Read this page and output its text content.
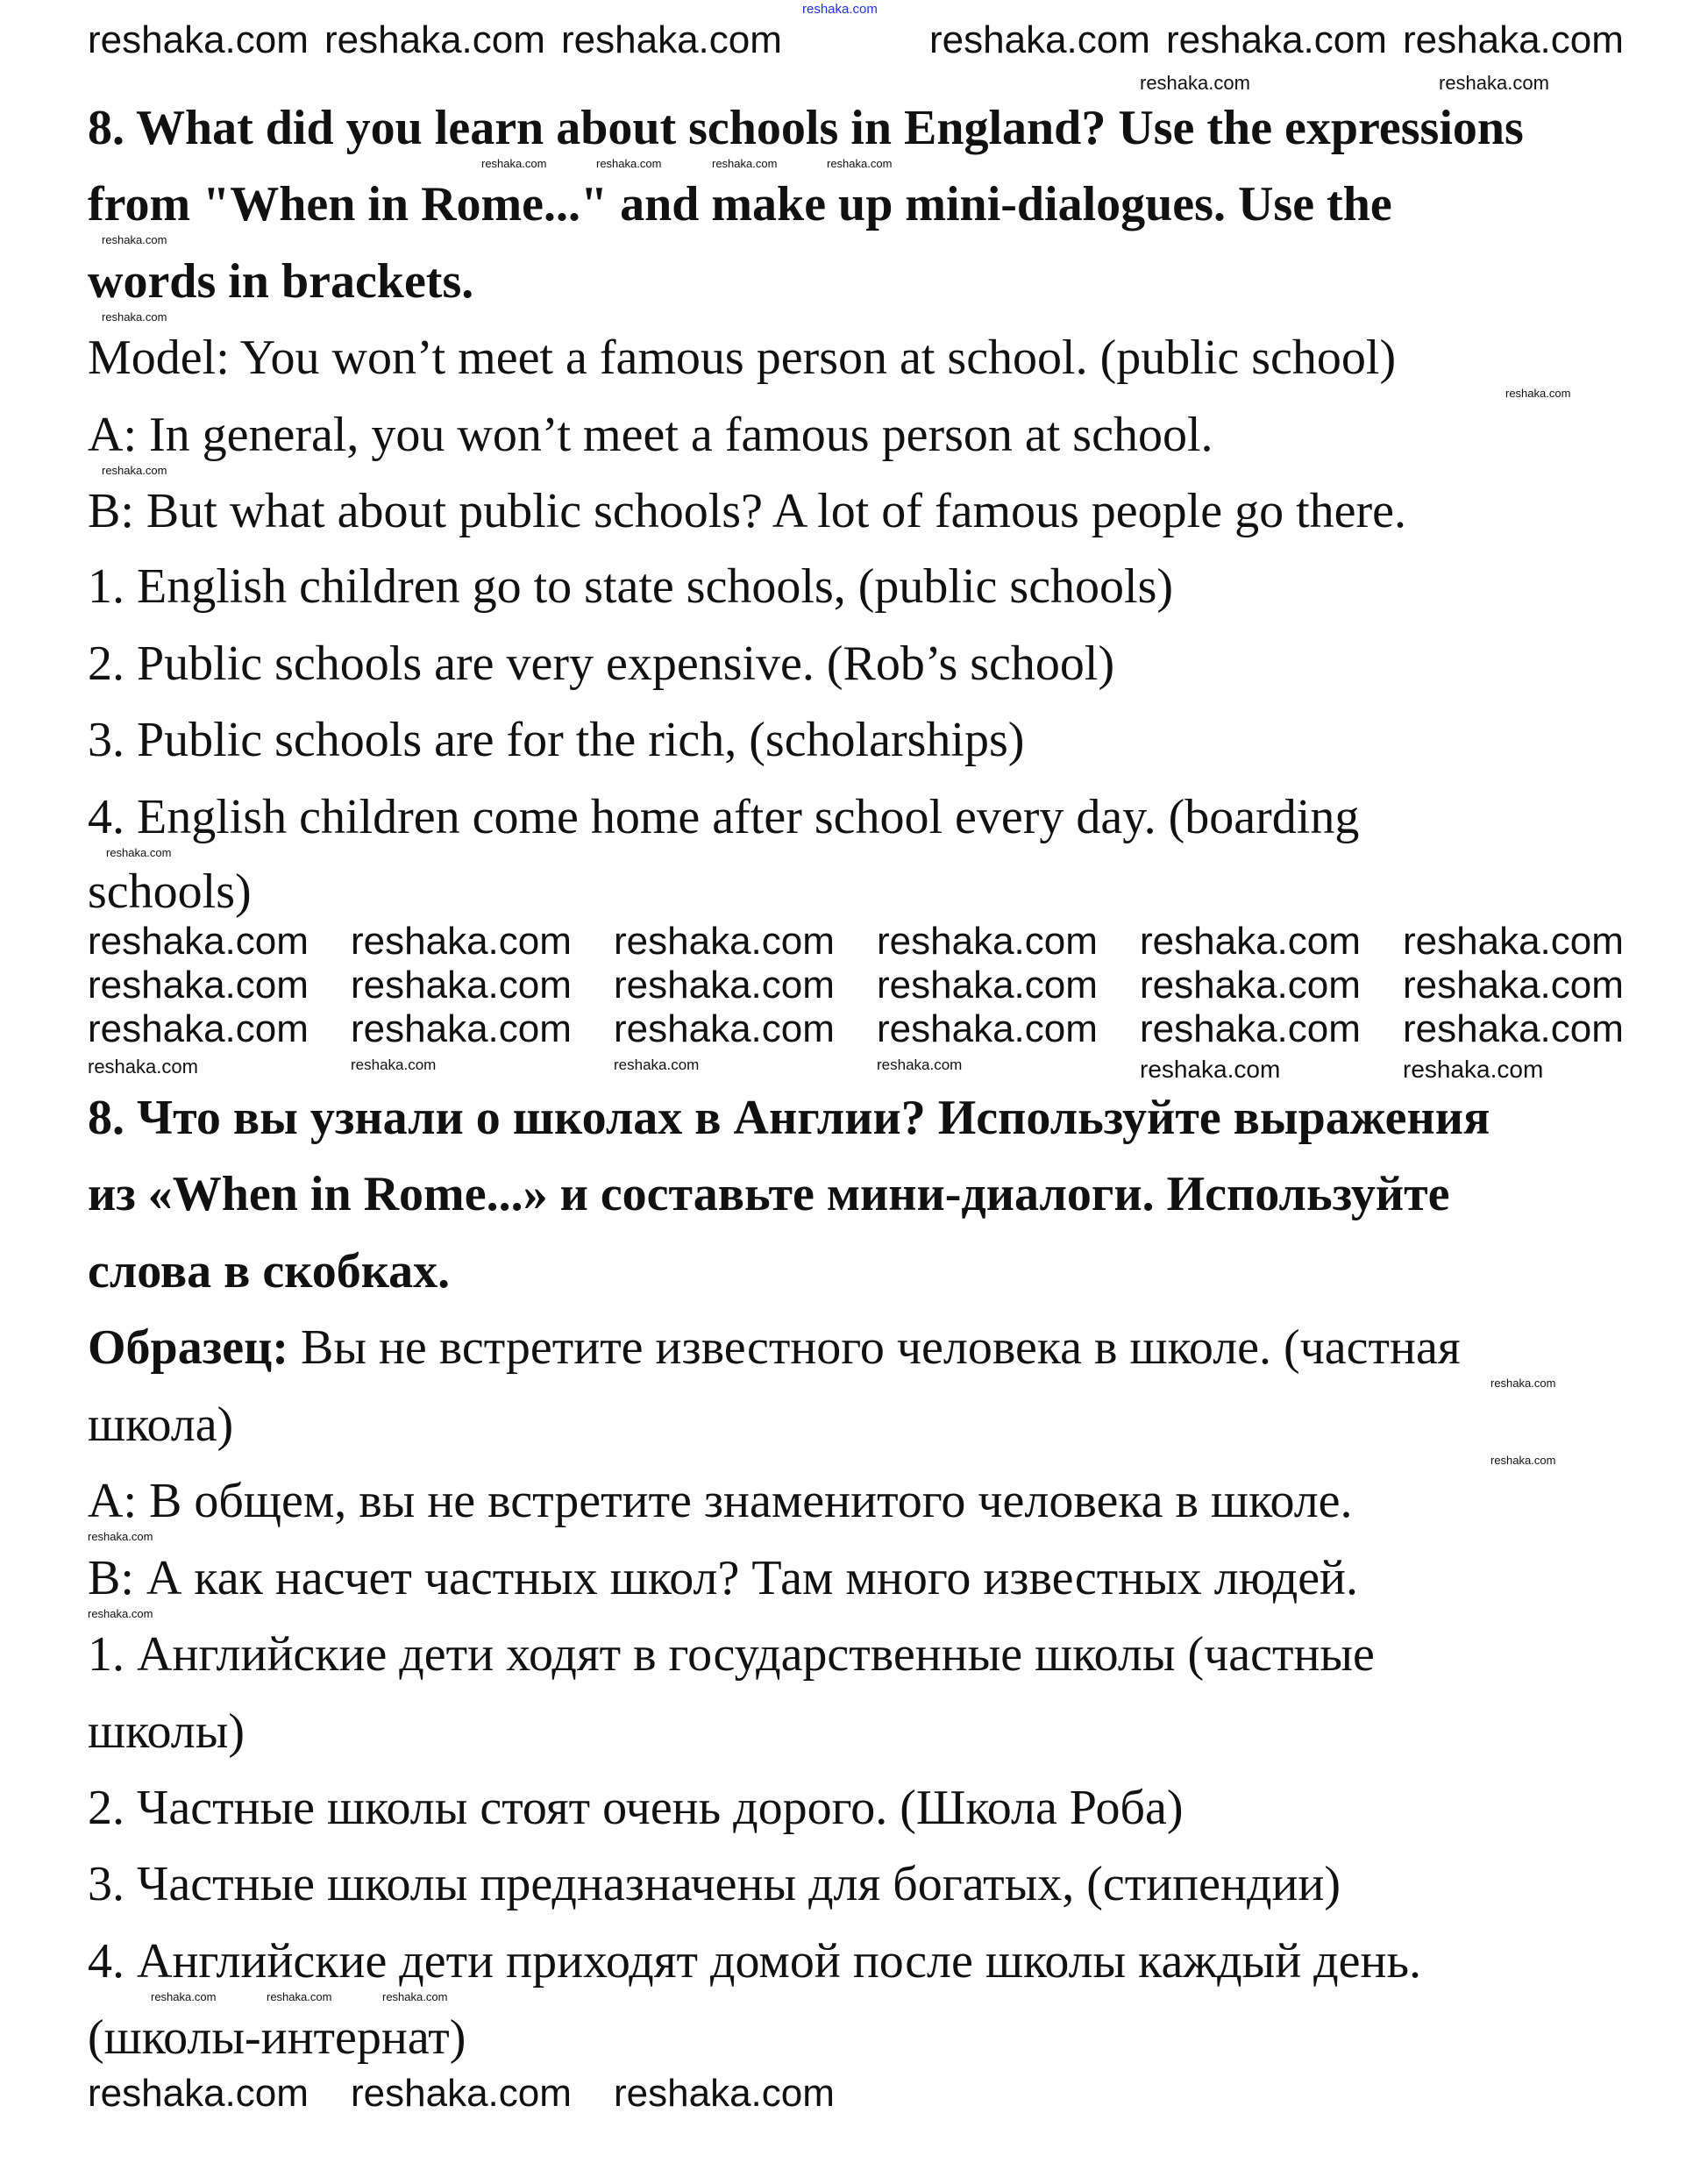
8. What did you learn about schools in England? Use the expressions
from "When in Rome..." and make up mini-dialogues. Use the
words in brackets.
Model: You won’t meet a famous person at school. (public school)
A: In general, you won’t meet a famous person at school.
B: But what about public schools? A lot of famous people go there.
1. English children go to state schools, (public schools)
2. Public schools are very expensive. (Rob’s school)
3. Public schools are for the rich, (scholarships)
4. English children come home after school every day. (boarding
schools)
8. Что вы узнали о школах в Англии? Используйте выражения
из «When in Rome...» и составьте мини-диалоги. Используйте
слова в скобках.
Образец: Вы не встретите известного человека в школе. (частная
школа)
А: В общем, вы не встретите знаменитого человека в школе.
В: А как насчет частных школ? Там много известных людей.
1. Английские дети ходят в государственные школы (частные
школы)
2. Частные школы стоят очень дорого. (Школа Роба)
3. Частные школы предназначены для богатых, (стипендии)
4. Английские дети приходят домой после школы каждый день.
(школы-интернат)
reshaka.com
reshaka.com reshaka.com reshaka.com	reshaka.com reshaka.com reshaka.com
reshaka.com	reshaka.com
reshaka.com	reshaka.com	reshaka.com	reshaka.com
reshaka.com
reshaka.com
reshaka.com
reshaka.com
reshaka.com
reshaka.com reshaka.com reshaka.com reshaka.com reshaka.com reshaka.com
reshaka.com reshaka.com reshaka.com reshaka.com reshaka.com reshaka.com
reshaka.com reshaka.com reshaka.com reshaka.com reshaka.com reshaka.com
reshaka.com	reshaka.com	reshaka.com	reshaka.com	reshaka.com	reshaka.com
reshaka.com
reshaka.com
reshaka.com
reshaka.com
reshaka.com	reshaka.com	reshaka.com
reshaka.com reshaka.com reshaka.com
